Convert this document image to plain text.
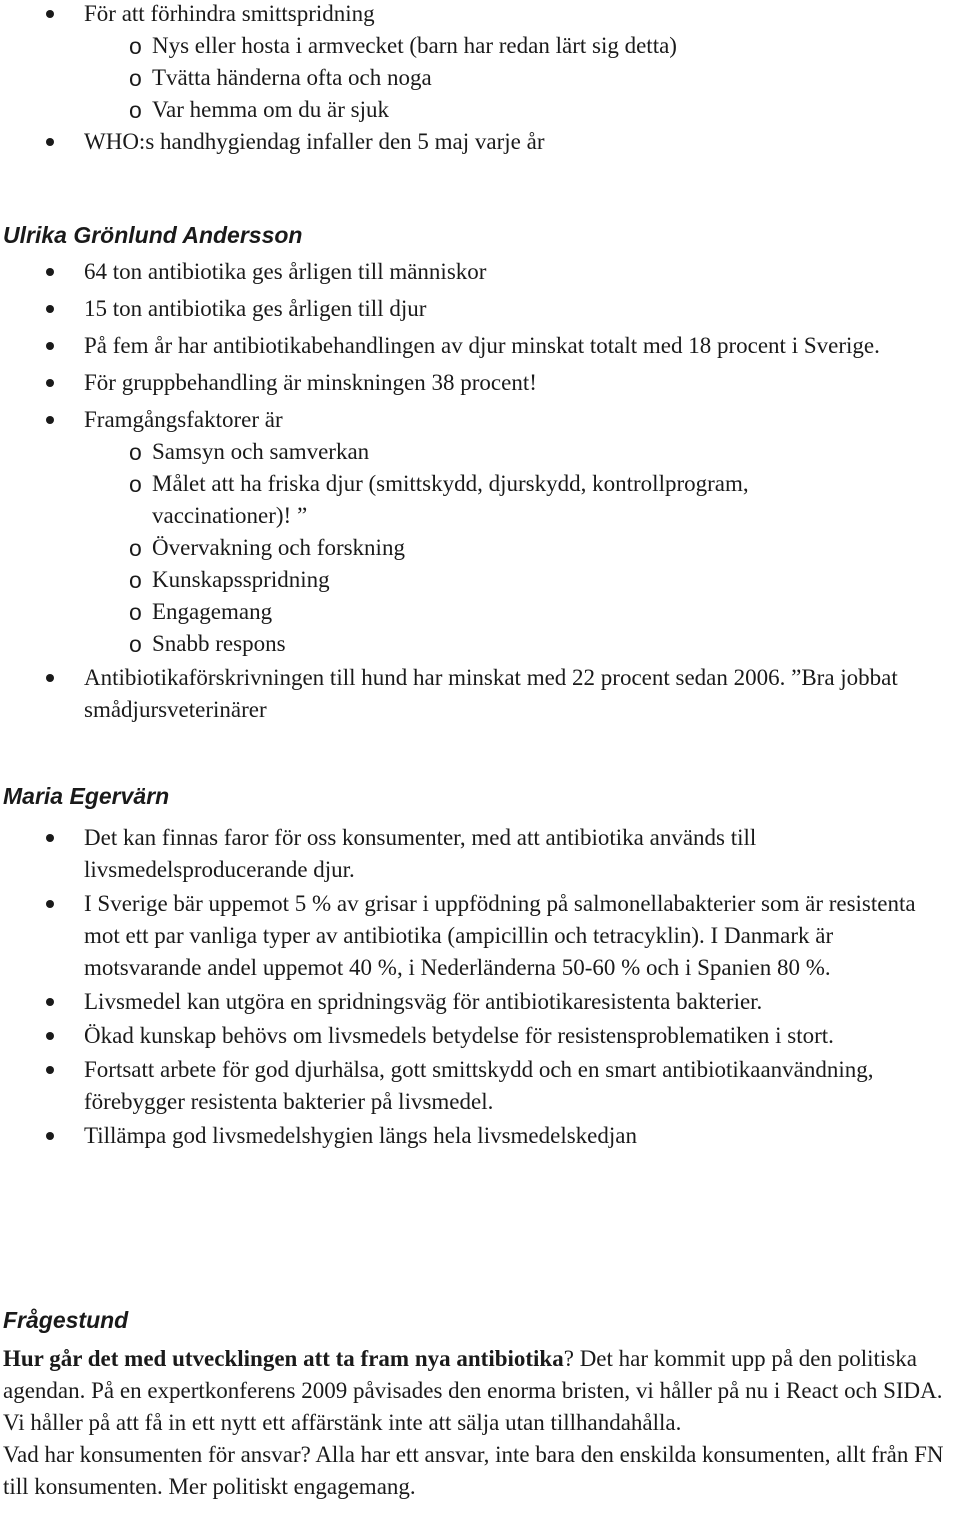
För att förhindra smittspridning
o Nys eller hosta i armvecket (barn har redan lärt sig detta)
o Tvätta händerna ofta och noga
o Var hemma om du är sjuk
WHO:s handhygiendag infaller den 5 maj varje år
Ulrika Grönlund Andersson
64 ton antibiotika ges årligen till människor
15 ton antibiotika ges årligen till djur
På fem år har antibiotikabehandlingen av djur minskat totalt med 18 procent i Sverige.
För gruppbehandling är minskningen 38 procent!
Framgångsfaktorer är
o Samsyn och samverkan
o Målet att ha friska djur (smittskydd, djurskydd, kontrollprogram, vaccinationer)! ”
o Övervakning och forskning
o Kunskapsspridning
o Engagemang
o Snabb respons
Antibiotikaförskrivningen till hund har minskat med 22 procent sedan 2006. ”Bra jobbat smådjursveterinärer
Maria Egervärn
Det kan finnas faror för oss konsumenter, med att antibiotika används till livsmedelsproducerande djur.
I Sverige bär uppemot 5 % av grisar i uppfödning på salmonellabakterier som är resistenta mot ett par vanliga typer av antibiotika (ampicillin och tetracyklin). I Danmark är motsvarande andel uppemot 40 %, i Nederländerna 50-60 % och i Spanien 80 %.
Livsmedel kan utgöra en spridningsväg för antibiotikaresistenta bakterier.
Ökad kunskap behövs om livsmedels betydelse för resistensproblematiken i stort.
Fortsatt arbete för god djurhälsa, gott smittskydd och en smart antibiotikaanvändning, förebygger resistenta bakterier på livsmedel.
Tillämpa god livsmedelshygien längs hela livsmedelskedjan
Frågestund

Hur går det med utvecklingen att ta fram nya antibiotika? Det har kommit upp på den politiska agendan. På en expertkonferens 2009 påvisades den enorma bristen, vi håller på nu i React och SIDA. Vi håller på att få in ett nytt ett affärstänk inte att sälja utan tillhandahålla.

Vad har konsumenten för ansvar? Alla har ett ansvar, inte bara den enskilda konsumenten, allt från FN till konsumenten. Mer politiskt engagemang.
